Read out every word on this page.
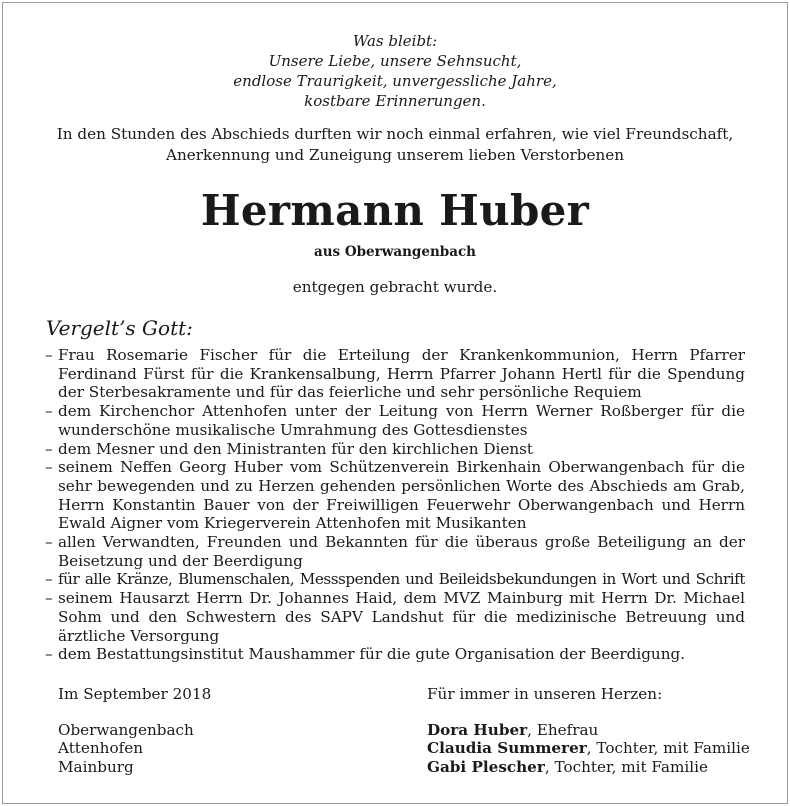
Was bleibt:
Unsere Liebe, unsere Sehnsucht,
endlose Traurigkeit, unvergessliche Jahre,
kostbare Erinnerungen.
In den Stunden des Abschieds durften wir noch einmal erfahren, wie viel Freundschaft,
Anerkennung und Zuneigung unserem lieben Verstorbenen
Hermann Huber
aus Oberwangenbach
entgegen gebracht wurde.
Vergelt’s Gott:
– Frau Rosemarie Fischer für die Erteilung der Krankenkommunion, Herrn Pfarrer
Ferdinand Fürst für die Krankensalbung, Herrn Pfarrer Johann Hertl für die Spendung
der Sterbesakramente und für das feierliche und sehr persönliche Requiem
– dem Kirchenchor Attenhofen unter der Leitung von Herrn Werner Roßberger für die
wunderschöne musikalische Umrahmung des Gottesdienstes
– dem Mesner und den Ministranten für den kirchlichen Dienst
– seinem Neffen Georg Huber vom Schützenverein Birkenhain Oberwangenbach für die
sehr bewegenden und zu Herzen gehenden persönlichen Worte des Abschieds am Grab,
Herrn Konstantin Bauer von der Freiwilligen Feuerwehr Oberwangenbach und Herrn
Ewald Aigner vom Kriegerverein Attenhofen mit Musikanten
– allen Verwandten, Freunden und Bekannten für die überaus große Beteiligung an der
Beisetzung und der Beerdigung
– für alle Kränze, Blumenschalen, Messspenden und Beileidsbekundungen in Wort und Schrift
– seinem Hausarzt Herrn Dr. Johannes Haid, dem MVZ Mainburg mit Herrn Dr. Michael
Sohm und den Schwestern des SAPV Landshut für die medizinische Betreuung und
ärztliche Versorgung
– dem Bestattungsinstitut Maushammer für die gute Organisation der Beerdigung.
Im September 2018
Oberwangenbach
Attenhofen
Mainburg
Für immer in unseren Herzen:
Dora Huber, Ehefrau
Claudia Summerer, Tochter, mit Familie
Gabi Plescher, Tochter, mit Familie
